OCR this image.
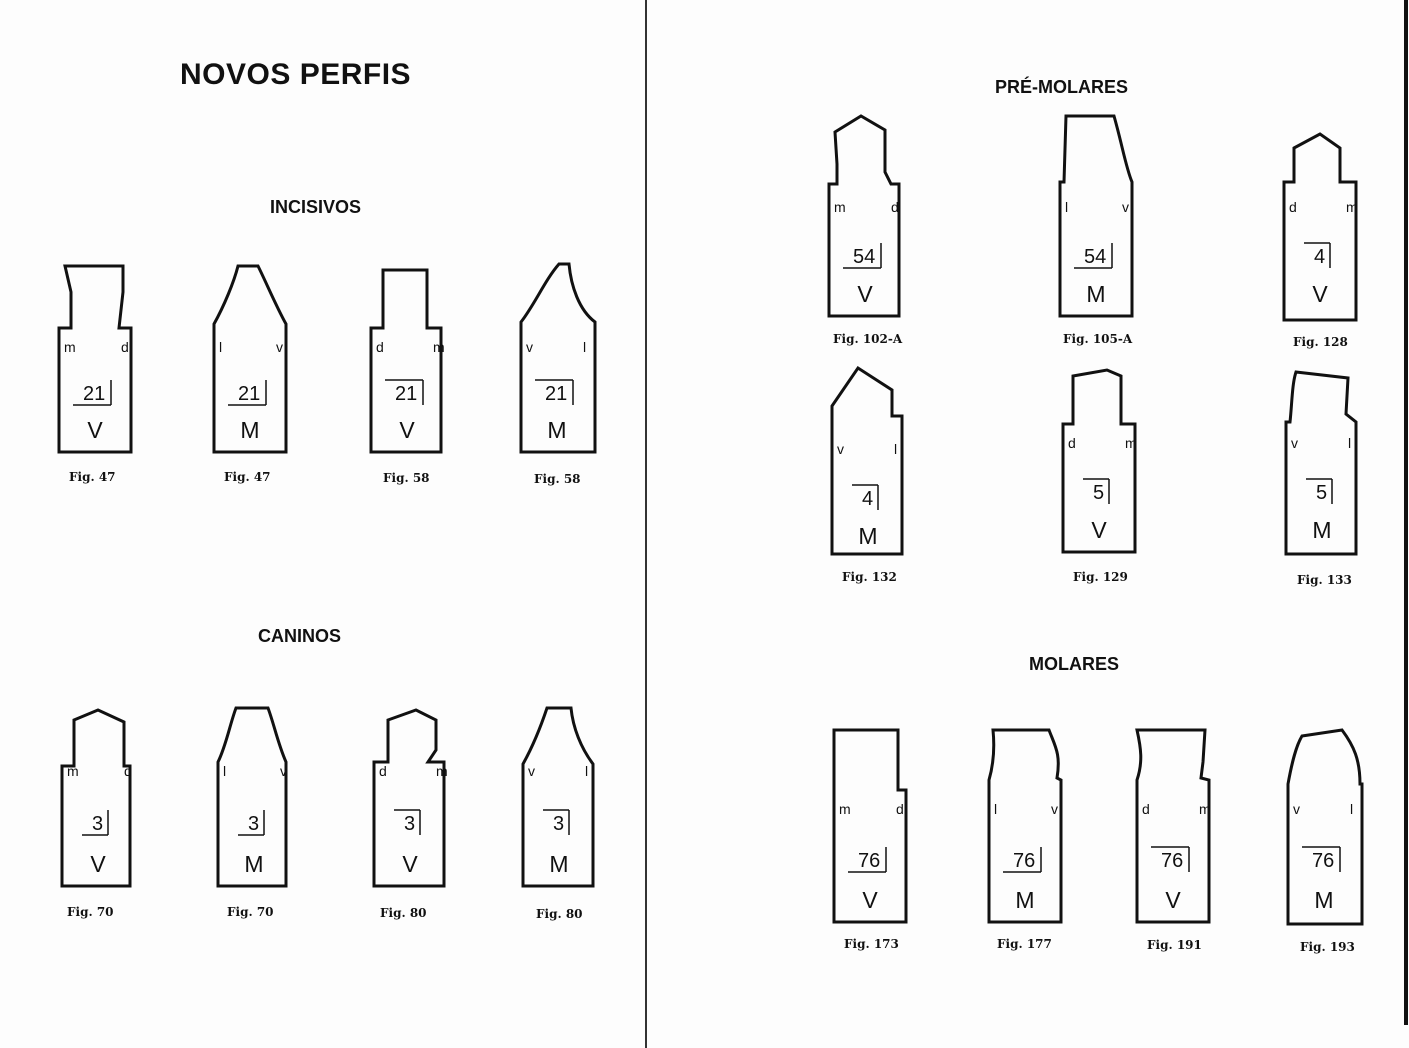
NOVOS PERFIS
INCISIVOS
CANINOS
PRÉ-MOLARES
MOLARES
m	d
21
V
Fig. 47
l	v
21
M
Fig. 47
d	m
21
V
Fig. 58
v	l
21
M
Fig. 58
m	d
3
V
Fig. 70
l	v
3
M
Fig. 70
d	m
3
V
Fig. 80
v	l
3
M
Fig. 80
m	d
54
V
Fig. 102-A
l	v
54
M
Fig. 105-A
d	m
4
V
Fig. 128
v	l
4
M
Fig. 132
d	m
5
V
Fig. 129
v	l
5
M
Fig. 133
m	d
76
V
Fig. 173
l	v
76
M
Fig. 177
d	m
76
V
Fig. 191
v	l
76
M
Fig. 193
